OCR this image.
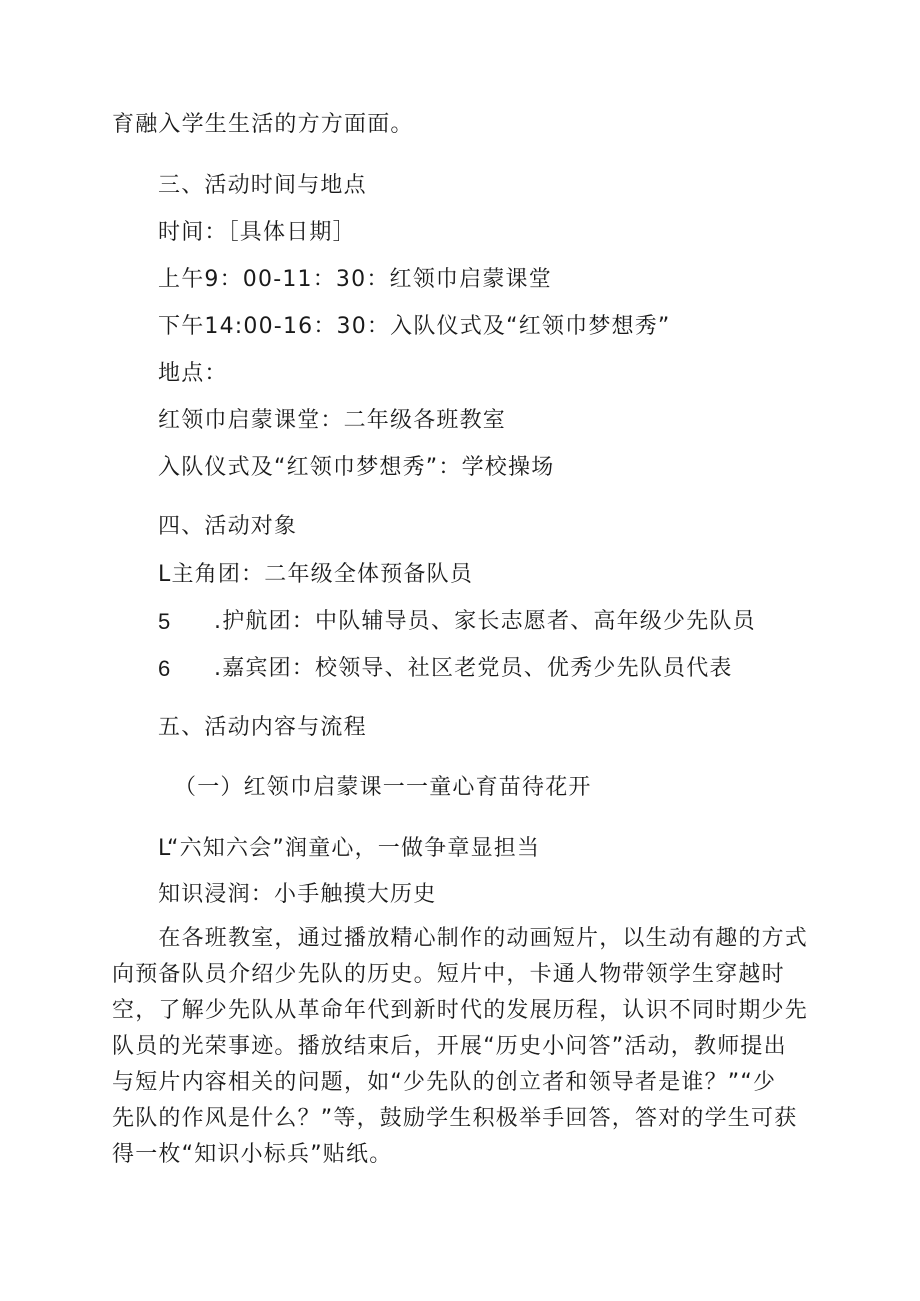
育融入学生生活的方方面面。
三、活动时间与地点
时间：［具体日期］
上午9：00-11：30：红领巾启蒙课堂
下午14:00-16：30：入队仪式及“红领巾梦想秀”
地点：
红领巾启蒙课堂：二年级各班教室
入队仪式及“红领巾梦想秀”：学校操场
四、活动对象
L主角团：二年级全体预备队员
5 .护航团：中队辅导员、家长志愿者、高年级少先队员
6 .嘉宾团：校领导、社区老党员、优秀少先队员代表
五、活动内容与流程
（一）红领巾启蒙课一一童心育苗待花开
L“六知六会”润童心，一做争章显担当
知识浸润：小手触摸大历史
　　在各班教室，通过播放精心制作的动画短片，以生动有趣的方式
向预备队员介绍少先队的历史。短片中，卡通人物带领学生穿越时
空，了解少先队从革命年代到新时代的发展历程，认识不同时期少先
队员的光荣事迹。播放结束后，开展“历史小问答”活动，教师提出
与短片内容相关的问题，如“少先队的创立者和领导者是谁？”“少
先队的作风是什么？”等，鼓励学生积极举手回答，答对的学生可获
得一枚“知识小标兵”贴纸。
